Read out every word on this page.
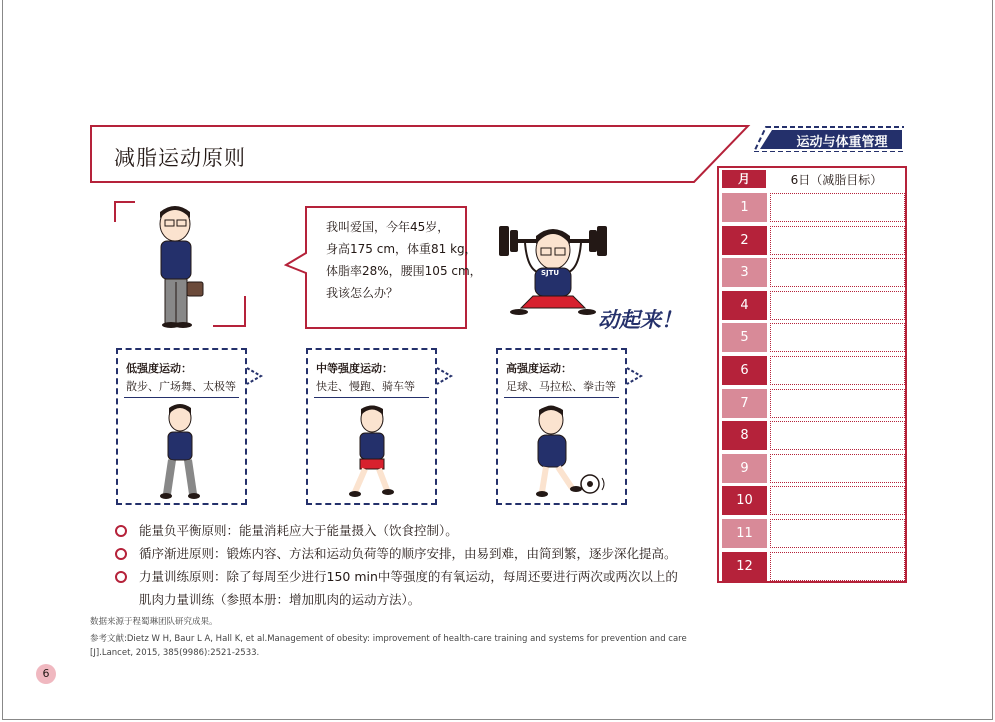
减脂运动原则
运动与体重管理
我叫爱国，今年45岁，
身高175 cm，体重81 kg，
体脂率28%，腰围105 cm，
我该怎么办？
SJTU
动起来！
低强度运动：
散步、广场舞、太极等
中等强度运动：
快走、慢跑、骑车等
高强度运动：
足球、马拉松、拳击等
能量负平衡原则：能量消耗应大于能量摄入（饮食控制）。
循序渐进原则：锻炼内容、方法和运动负荷等的顺序安排，由易到难，由简到繁，逐步深化提高。
力量训练原则：除了每周至少进行150 min中等强度的有氧运动，每周还要进行两次或两次以上的
肌肉力量训练（参照本册：增加肌肉的运动方法）。
数据来源于程蜀琳团队研究成果。
参考文献:Dietz W H, Baur L A, Hall K, et al.Management of obesity: improvement of health-care training and systems for prevention and care
[J].Lancet, 2015, 385(9986):2521-2533.
6
月	6日（减脂目标）
1
2
3
4
5
6
7
8
9
10
11
12
